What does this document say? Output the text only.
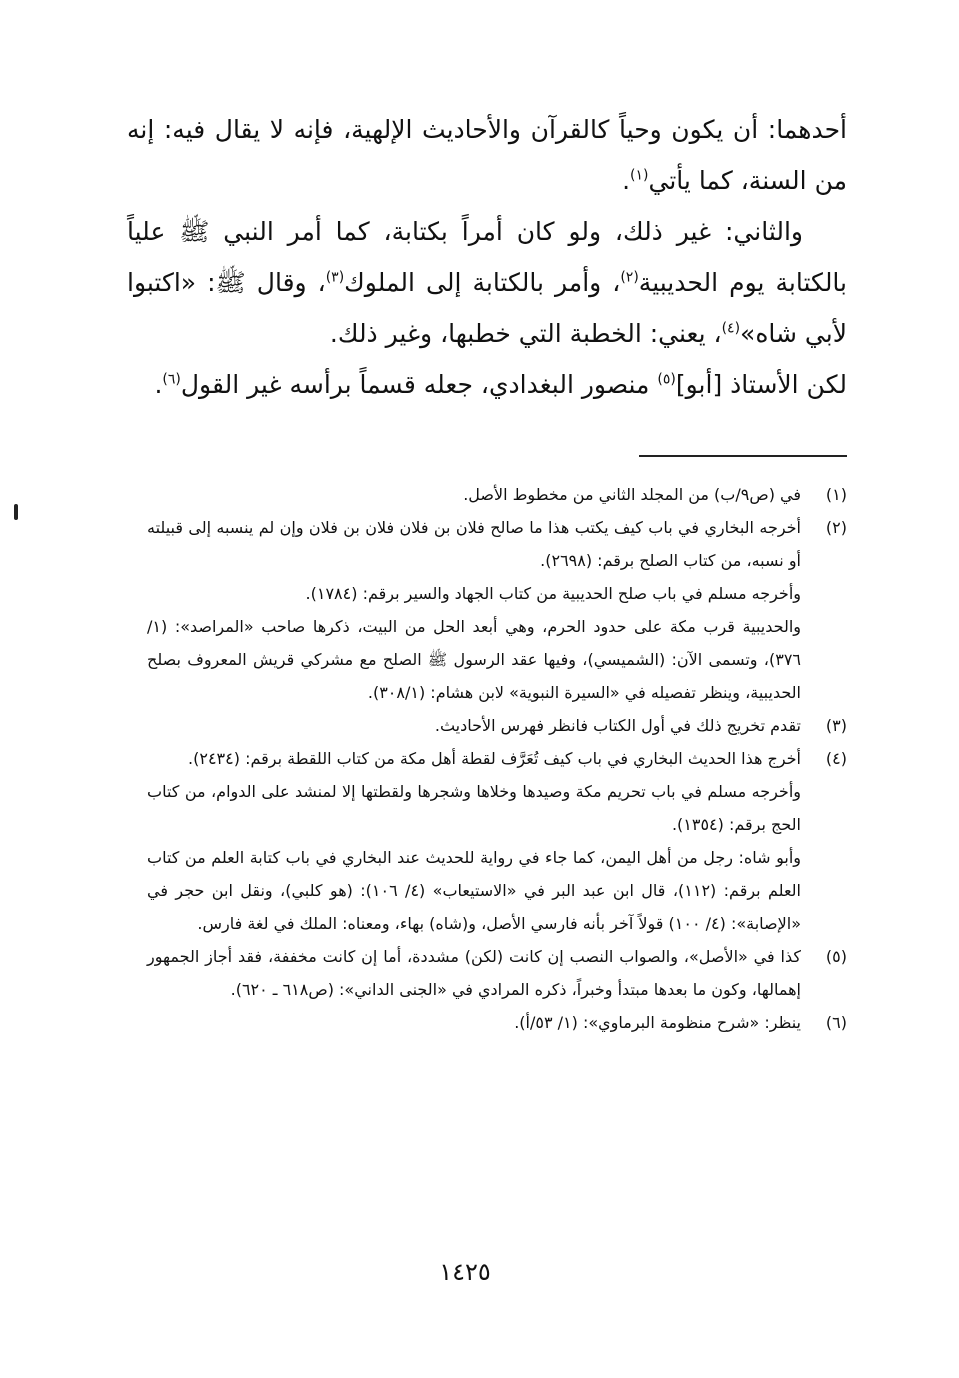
أحدهما: أن يكون وحياً كالقرآن والأحاديث الإلهية، فإنه لا يقال فيه: إنه من السنة، كما يأتي$^{(١)}$.

والثاني: غير ذلك، ولو كان أمراً بكتابة، كما أمر النبي ﷺ علياً بالكتابة يوم الحديبية$^{(٢)}$، وأمر بالكتابة إلى الملوك$^{(٣)}$، وقال ﷺ: «اكتبوا لأبي شاه»$^{(٤)}$، يعني: الخطبة التي خطبها، وغير ذلك.

لكن الأستاذ [أبو]$^{(٥)}$ منصور البغدادي، جعله قسماً برأسه غير القول$^{(٦)}$.

(١)

في (ص٩/ب) من المجلد الثاني من مخطوط الأصل.

(٢)

أخرجه البخاري في باب كيف يكتب هذا ما صالح فلان بن فلان فلان بن فلان وإن لم ينسبه إلى قبيلته أو نسبه، من كتاب الصلح برقم: (٢٦٩٨).

وأخرجه مسلم في باب صلح الحديبية من كتاب الجهاد والسير برقم: (١٧٨٤).

والحديبية قرب مكة على حدود الحرم، وهي أبعد الحل من البيت، ذكرها صاحب «المراصد»: (١/ ٣٧٦)، وتسمى الآن: (الشميسي)، وفيها عقد الرسول ﷺ الصلح مع مشركي قريش المعروف بصلح الحديبية، وينظر تفصيله في «السيرة النبوية» لابن هشام: (٣٠٨/١).

(٣)

تقدم تخريج ذلك في أول الكتاب فانظر فهرس الأحاديث.

(٤)

أخرج هذا الحديث البخاري في باب كيف تُعَرَّف لقطة أهل مكة من كتاب اللقطة برقم: (٢٤٣٤).

وأخرجه مسلم في باب تحريم مكة وصيدها وخلاها وشجرها ولقطتها إلا لمنشد على الدوام، من كتاب الحج برقم: (١٣٥٤).

وأبو شاه: رجل من أهل اليمن، كما جاء في رواية للحديث عند البخاري في باب كتابة العلم من كتاب العلم برقم: (١١٢)، قال ابن عبد البر في «الاستيعاب» (٤/ ١٠٦): (هو كلبي)، ونقل ابن حجر في «الإصابة»: (٤/ ١٠٠) قولاً آخر بأنه فارسي الأصل، و(شاه) بهاء، ومعناه: الملك في لغة فارس.

(٥)

كذا في «الأصل»، والصواب النصب إن كانت (لكن) مشددة، أما إن كانت مخففة، فقد أجاز الجمهور إهمالها، وكون ما بعدها مبتدأ وخبراً، ذكره المرادي في «الجنى الداني»: (ص٦١٨ ـ ٦٢٠).

(٦)

ينظر: «شرح منظومة البرماوي»: (١/ ٥٣/أ).

١٤٢٥
